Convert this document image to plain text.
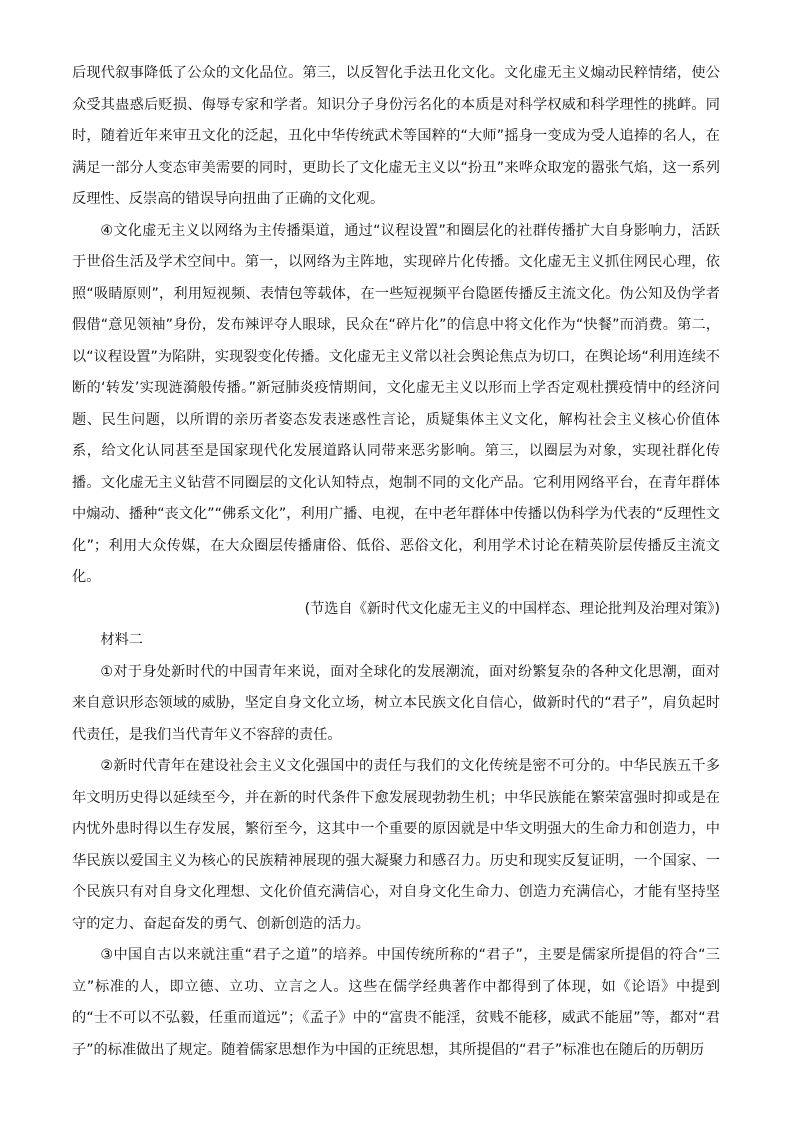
后现代叙事降低了公众的文化品位。第三，以反智化手法丑化文化。文化虚无主义煽动民粹情绪，使公众受其蛊惑后贬损、侮辱专家和学者。知识分子身份污名化的本质是对科学权威和科学理性的挑衅。同时，随着近年来审丑文化的泛起，丑化中华传统武术等国粹的“大师”摇身一变成为受人追捧的名人，在满足一部分人变态审美需要的同时，更助长了文化虚无主义以“扮丑”来哗众取宠的嚣张气焰，这一系列反理性、反崇高的错误导向扭曲了正确的文化观。

④文化虚无主义以网络为主传播渠道，通过“议程设置”和圈层化的社群传播扩大自身影响力，活跃于世俗生活及学术空间中。第一，以网络为主阵地，实现碎片化传播。文化虚无主义抓住网民心理，依照“吸睛原则”，利用短视频、表情包等载体，在一些短视频平台隐匿传播反主流文化。伪公知及伪学者假借“意见领袖”身份，发布辣评夺人眼球，民众在“碎片化”的信息中将文化作为“快餐”而消费。第二，以“议程设置”为陷阱，实现裂变化传播。文化虚无主义常以社会舆论焦点为切口，在舆论场“利用连续不断的‘转发’实现涟漪般传播。”新冠肺炎疫情期间，文化虚无主义以形而上学否定观杜撰疫情中的经济问题、民生问题，以所谓的亲历者姿态发表迷惑性言论，质疑集体主义文化，解构社会主义核心价值体系，给文化认同甚至是国家现代化发展道路认同带来恶劣影响。第三，以圈层为对象，实现社群化传播。文化虚无主义钻营不同圈层的文化认知特点，炮制不同的文化产品。它利用网络平台，在青年群体中煽动、播种“丧文化”“佛系文化”，利用广播、电视，在中老年群体中传播以伪科学为代表的“反理性文化”；利用大众传媒，在大众圈层传播庸俗、低俗、恶俗文化，利用学术讨论在精英阶层传播反主流文化。

(节选自《新时代文化虚无主义的中国样态、理论批判及治理对策》)

材料二

①对于身处新时代的中国青年来说，面对全球化的发展潮流，面对纷繁复杂的各种文化思潮，面对来自意识形态领域的威胁，坚定自身文化立场，树立本民族文化自信心，做新时代的“君子”，肩负起时代责任，是我们当代青年义不容辞的责任。

②新时代青年在建设社会主义文化强国中的责任与我们的文化传统是密不可分的。中华民族五千多年文明历史得以延续至今，并在新的时代条件下愈发展现勃勃生机；中华民族能在繁荣富强时抑或是在内忧外患时得以生存发展，繁衍至今，这其中一个重要的原因就是中华文明强大的生命力和创造力，中华民族以爱国主义为核心的民族精神展现的强大凝聚力和感召力。历史和现实反复证明，一个国家、一个民族只有对自身文化理想、文化价值充满信心，对自身文化生命力、创造力充满信心，才能有坚持坚守的定力、奋起奋发的勇气、创新创造的活力。

③中国自古以来就注重“君子之道”的培养。中国传统所称的“君子”，主要是儒家所提倡的符合“三立”标准的人，即立德、立功、立言之人。这些在儒学经典著作中都得到了体现，如《论语》中提到的“士不可以不弘毅，任重而道远”；《孟子》中的“富贵不能淫，贫贱不能移，威武不能屈”等，都对“君子”的标准做出了规定。随着儒家思想作为中国的正统思想，其所提倡的“君子”标准也在随后的历朝历
